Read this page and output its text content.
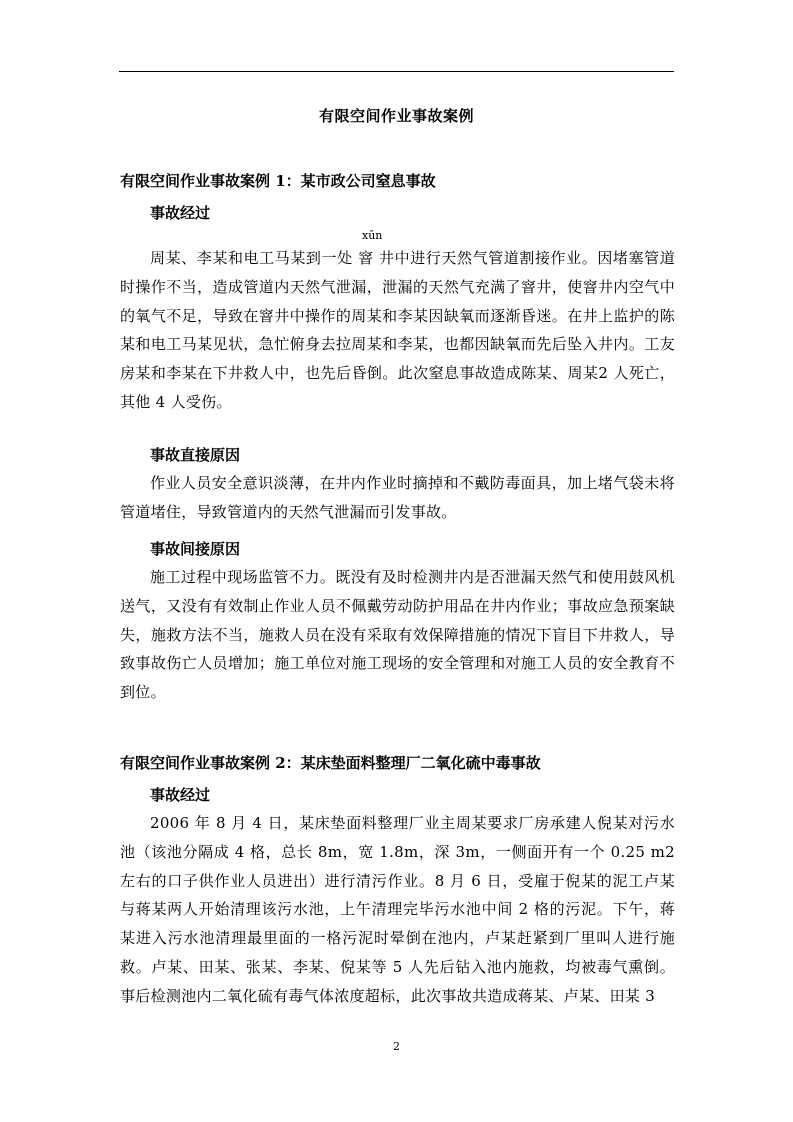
有限空间作业事故案例
有限空间作业事故案例 1：某市政公司窒息事故
事故经过
周某、李某和电工马某到一处 窨 井中进行天然气管道割接作业。因堵塞管道时操作不当，造成管道内天然气泄漏，泄漏的天然气充满了窨井，使窨井内空气中的氧气不足，导致在窨井中操作的周某和李某因缺氧而逐渐昏迷。在井上监护的陈某和电工马某见状，急忙俯身去拉周某和李某，也都因缺氧而先后坠入井内。工友房某和李某在下井救人中，也先后昏倒。此次窒息事故造成陈某、周某2 人死亡，其他 4 人受伤。
事故直接原因
作业人员安全意识淡薄，在井内作业时摘掉和不戴防毒面具，加上堵气袋未将管道堵住，导致管道内的天然气泄漏而引发事故。
事故间接原因
施工过程中现场监管不力。既没有及时检测井内是否泄漏天然气和使用鼓风机送气，又没有有效制止作业人员不佩戴劳动防护用品在井内作业；事故应急预案缺失，施救方法不当，施救人员在没有采取有效保障措施的情况下盲目下井救人，导致事故伤亡人员增加；施工单位对施工现场的安全管理和对施工人员的安全教育不到位。
有限空间作业事故案例 2：某床垫面料整理厂二氧化硫中毒事故
事故经过
2006 年 8 月 4 日，某床垫面料整理厂业主周某要求厂房承建人倪某对污水池（该池分隔成 4 格，总长 8m，宽 1.8m，深 3m，一侧面开有一个 0.25 m2 左右的口子供作业人员进出）进行清污作业。8 月 6 日，受雇于倪某的泥工卢某与蒋某两人开始清理该污水池，上午清理完毕污水池中间 2 格的污泥。下午，蒋某进入污水池清理最里面的一格污泥时晕倒在池内，卢某赶紧到厂里叫人进行施救。卢某、田某、张某、李某、倪某等 5 人先后钻入池内施救，均被毒气熏倒。事后检测池内二氧化硫有毒气体浓度超标，此次事故共造成蒋某、卢某、田某 3
xūn
2
